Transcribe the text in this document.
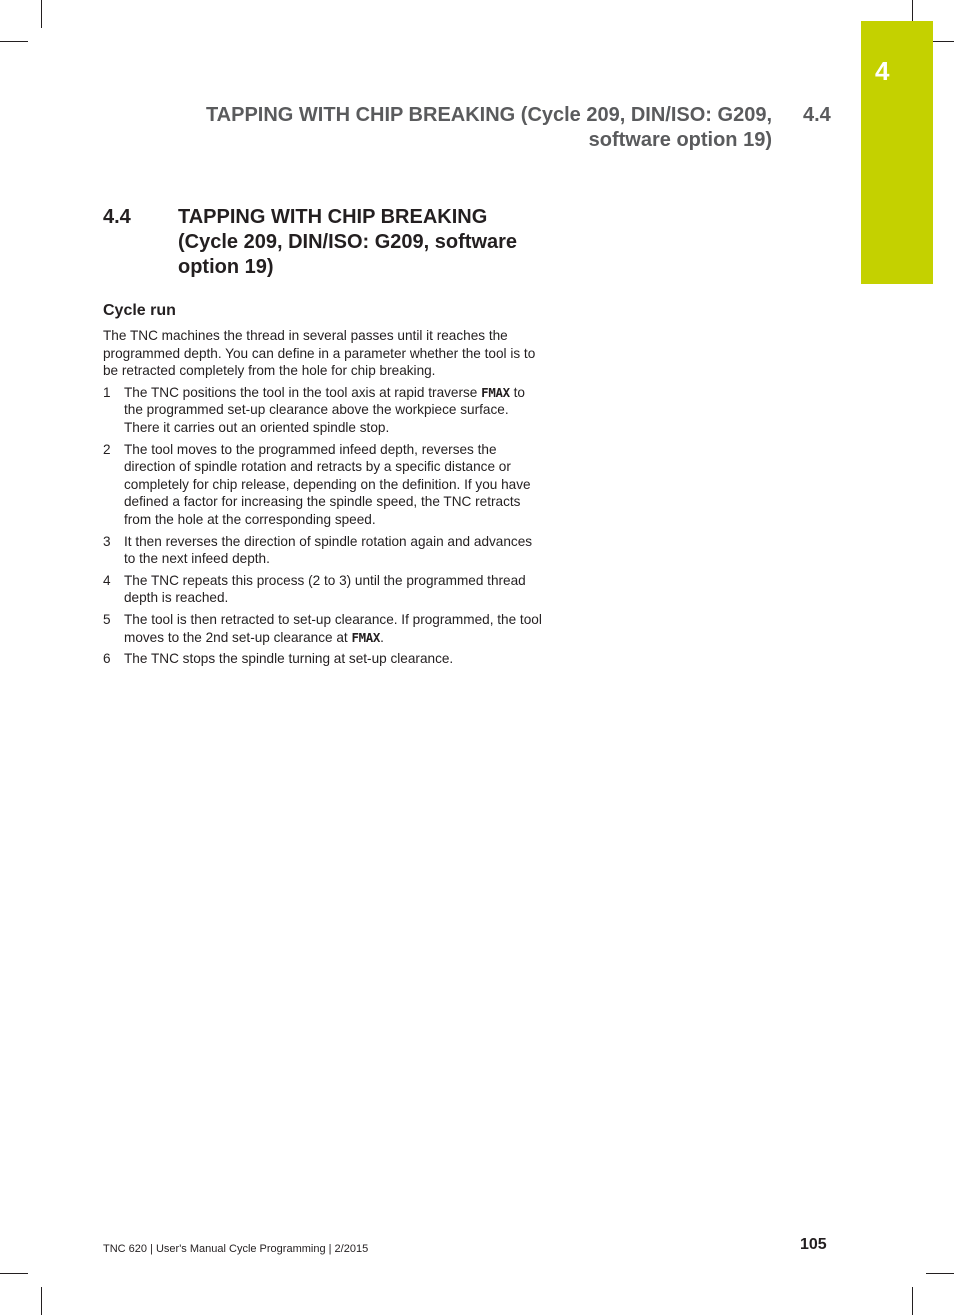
4
TAPPING WITH CHIP BREAKING (Cycle 209, DIN/ISO: G209,
software option 19)
4.4
4.4 TAPPING WITH CHIP BREAKING
(Cycle 209, DIN/ISO: G209, software
option 19)
Cycle run

The TNC machines the thread in several passes until it reaches the programmed depth. You can define in a parameter whether the tool is to be retracted completely from the hole for chip breaking.

1 The TNC positions the tool in the tool axis at rapid traverse FMAX to the programmed set-up clearance above the workpiece surface. There it carries out an oriented spindle stop.
2 The tool moves to the programmed infeed depth, reverses the direction of spindle rotation and retracts by a specific distance or completely for chip release, depending on the definition. If you have defined a factor for increasing the spindle speed, the TNC retracts from the hole at the corresponding speed.
3 It then reverses the direction of spindle rotation again and advances to the next infeed depth.
4 The TNC repeats this process (2 to 3) until the programmed thread depth is reached.
5 The tool is then retracted to set-up clearance. If programmed, the tool moves to the 2nd set-up clearance at FMAX.
6 The TNC stops the spindle turning at set-up clearance.
TNC 620 | User's Manual Cycle Programming | 2/2015	105
